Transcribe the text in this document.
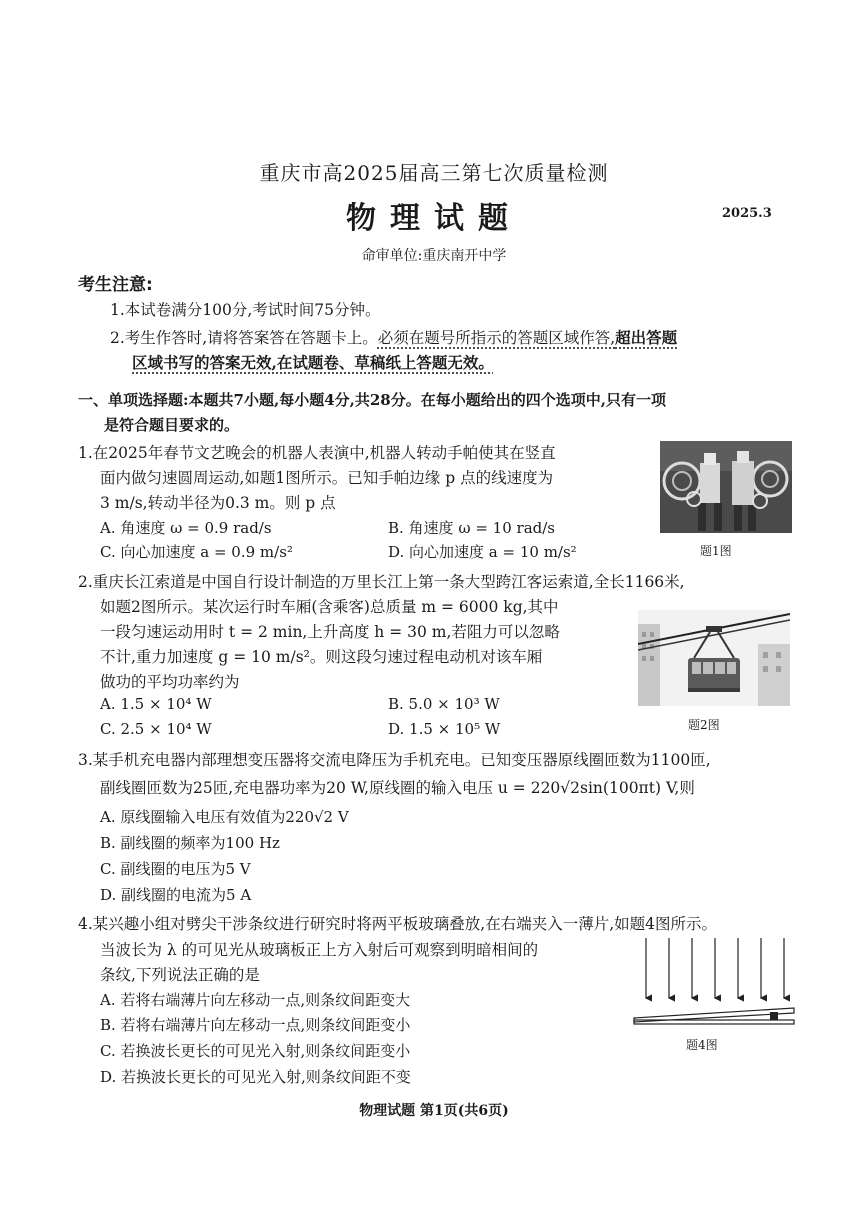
重庆市高2025届高三第七次质量检测
物理试题	2025.3
命审单位:重庆南开中学
考生注意:
1.本试卷满分100分,考试时间75分钟。
2.考生作答时,请将答案答在答题卡上。必须在题号所指示的答题区域作答,超出答题
区域书写的答案无效,在试题卷、草稿纸上答题无效。
一、单项选择题:本题共7小题,每小题4分,共28分。在每小题给出的四个选项中,只有一项
是符合题目要求的。
1.在2025年春节文艺晚会的机器人表演中,机器人转动手帕使其在竖直
面内做匀速圆周运动,如题1图所示。已知手帕边缘 p 点的线速度为
3 m/s,转动半径为0.3 m。则 p 点
A. 角速度 ω = 0.9 rad/s	B. 角速度 ω = 10 rad/s
C. 向心加速度 a = 0.9 m/s²	D. 向心加速度 a = 10 m/s²	题1图
2.重庆长江索道是中国自行设计制造的万里长江上第一条大型跨江客运索道,全长1166米,
如题2图所示。某次运行时车厢(含乘客)总质量 m = 6000 kg,其中
一段匀速运动用时 t = 2 min,上升高度 h = 30 m,若阻力可以忽略
不计,重力加速度 g = 10 m/s²。则这段匀速过程电动机对该车厢
做功的平均功率约为
A. 1.5 × 10⁴ W	B. 5.0 × 10³ W
C. 2.5 × 10⁴ W	D. 1.5 × 10⁵ W	题2图
3.某手机充电器内部理想变压器将交流电降压为手机充电。已知变压器原线圈匝数为1100匝,
副线圈匝数为25匝,充电器功率为20 W,原线圈的输入电压 u = 220√2sin(100πt) V,则
A. 原线圈输入电压有效值为220√2 V
B. 副线圈的频率为100 Hz
C. 副线圈的电压为5 V
D. 副线圈的电流为5 A
4.某兴趣小组对劈尖干涉条纹进行研究时将两平板玻璃叠放,在右端夹入一薄片,如题4图所示。
当波长为 λ 的可见光从玻璃板正上方入射后可观察到明暗相间的
条纹,下列说法正确的是
A. 若将右端薄片向左移动一点,则条纹间距变大
B. 若将右端薄片向左移动一点,则条纹间距变小
C. 若换波长更长的可见光入射,则条纹间距变小
D. 若换波长更长的可见光入射,则条纹间距不变
题4图
物理试题 第1页(共6页)
